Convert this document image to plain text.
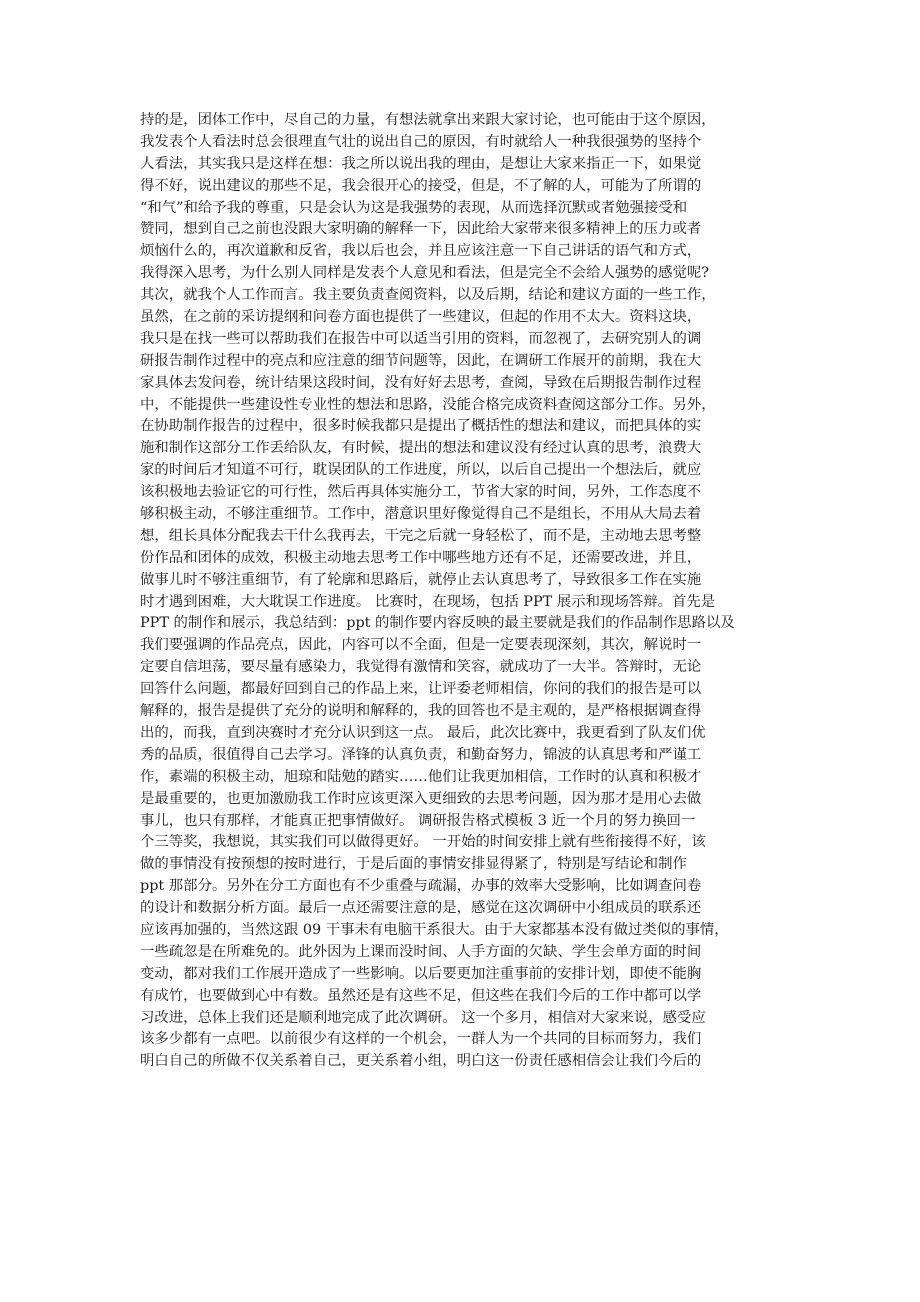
持的是，团体工作中，尽自己的力量，有想法就拿出来跟大家讨论，也可能由于这个原因，
我发表个人看法时总会很理直气壮的说出自己的原因，有时就给人一种我很强势的坚持个
人看法，其实我只是这样在想：我之所以说出我的理由，是想让大家来指正一下，如果觉
得不好，说出建议的那些不足，我会很开心的接受，但是，不了解的人，可能为了所谓的
“和气”和给予我的尊重，只是会认为这是我强势的表现，从而选择沉默或者勉强接受和
赞同，想到自己之前也没跟大家明确的解释一下，因此给大家带来很多精神上的压力或者
烦恼什么的，再次道歉和反省，我以后也会，并且应该注意一下自己讲话的语气和方式，
我得深入思考，为什么别人同样是发表个人意见和看法，但是完全不会给人强势的感觉呢?
其次，就我个人工作而言。我主要负责查阅资料，以及后期，结论和建议方面的一些工作，
虽然，在之前的采访提纲和问卷方面也提供了一些建议，但起的作用不太大。资料这块，
我只是在找一些可以帮助我们在报告中可以适当引用的资料，而忽视了，去研究别人的调
研报告制作过程中的亮点和应注意的细节问题等，因此，在调研工作展开的前期，我在大
家具体去发问卷，统计结果这段时间，没有好好去思考，查阅，导致在后期报告制作过程
中，不能提供一些建设性专业性的想法和思路，没能合格完成资料查阅这部分工作。另外，
在协助制作报告的过程中，很多时候我都只是提出了概括性的想法和建议，而把具体的实
施和制作这部分工作丢给队友，有时候，提出的想法和建议没有经过认真的思考，浪费大
家的时间后才知道不可行，耽误团队的工作进度，所以，以后自己提出一个想法后，就应
该积极地去验证它的可行性，然后再具体实施分工，节省大家的时间，另外，工作态度不
够积极主动，不够注重细节。工作中，潜意识里好像觉得自己不是组长，不用从大局去着
想，组长具体分配我去干什么我再去，干完之后就一身轻松了，而不是，主动地去思考整
份作品和团体的成效，积极主动地去思考工作中哪些地方还有不足，还需要改进，并且，
做事儿时不够注重细节，有了轮廓和思路后，就停止去认真思考了，导致很多工作在实施
时才遇到困难，大大耽误工作进度。 比赛时，在现场，包括 PPT 展示和现场答辩。首先是
PPT 的制作和展示，我总结到：ppt 的制作要内容反映的最主要就是我们的作品制作思路以及
我们要强调的作品亮点，因此，内容可以不全面，但是一定要表现深刻，其次，解说时一
定要自信坦荡，要尽量有感染力，我觉得有激情和笑容，就成功了一大半。答辩时，无论
回答什么问题，都最好回到自己的作品上来，让评委老师相信，你问的我们的报告是可以
解释的，报告是提供了充分的说明和解释的，我的回答也不是主观的，是严格根据调查得
出的，而我，直到决赛时才充分认识到这一点。 最后，此次比赛中，我更看到了队友们优
秀的品质，很值得自己去学习。泽锋的认真负责，和勤奋努力，锦波的认真思考和严谨工
作，素端的积极主动，旭琼和陆勉的踏实……他们让我更加相信，工作时的认真和积极才
是最重要的，也更加激励我工作时应该更深入更细致的去思考问题，因为那才是用心去做
事儿，也只有那样，才能真正把事情做好。 调研报告格式模板 3 近一个月的努力换回一
个三等奖，我想说，其实我们可以做得更好。 一开始的时间安排上就有些衔接得不好，该
做的事情没有按预想的按时进行，于是后面的事情安排显得紧了，特别是写结论和制作
ppt 那部分。另外在分工方面也有不少重叠与疏漏，办事的效率大受影响，比如调查问卷
的设计和数据分析方面。最后一点还需要注意的是，感觉在这次调研中小组成员的联系还
应该再加强的，当然这跟 09 干事未有电脑干系很大。由于大家都基本没有做过类似的事情，
一些疏忽是在所难免的。此外因为上课而没时间、人手方面的欠缺、学生会单方面的时间
变动，都对我们工作展开造成了一些影响。以后要更加注重事前的安排计划，即使不能胸
有成竹，也要做到心中有数。虽然还是有这些不足，但这些在我们今后的工作中都可以学
习改进，总体上我们还是顺利地完成了此次调研。 这一个多月，相信对大家来说，感受应
该多少都有一点吧。以前很少有这样的一个机会，一群人为一个共同的目标而努力，我们
明白自己的所做不仅关系着自己，更关系着小组，明白这一份责任感相信会让我们今后的
